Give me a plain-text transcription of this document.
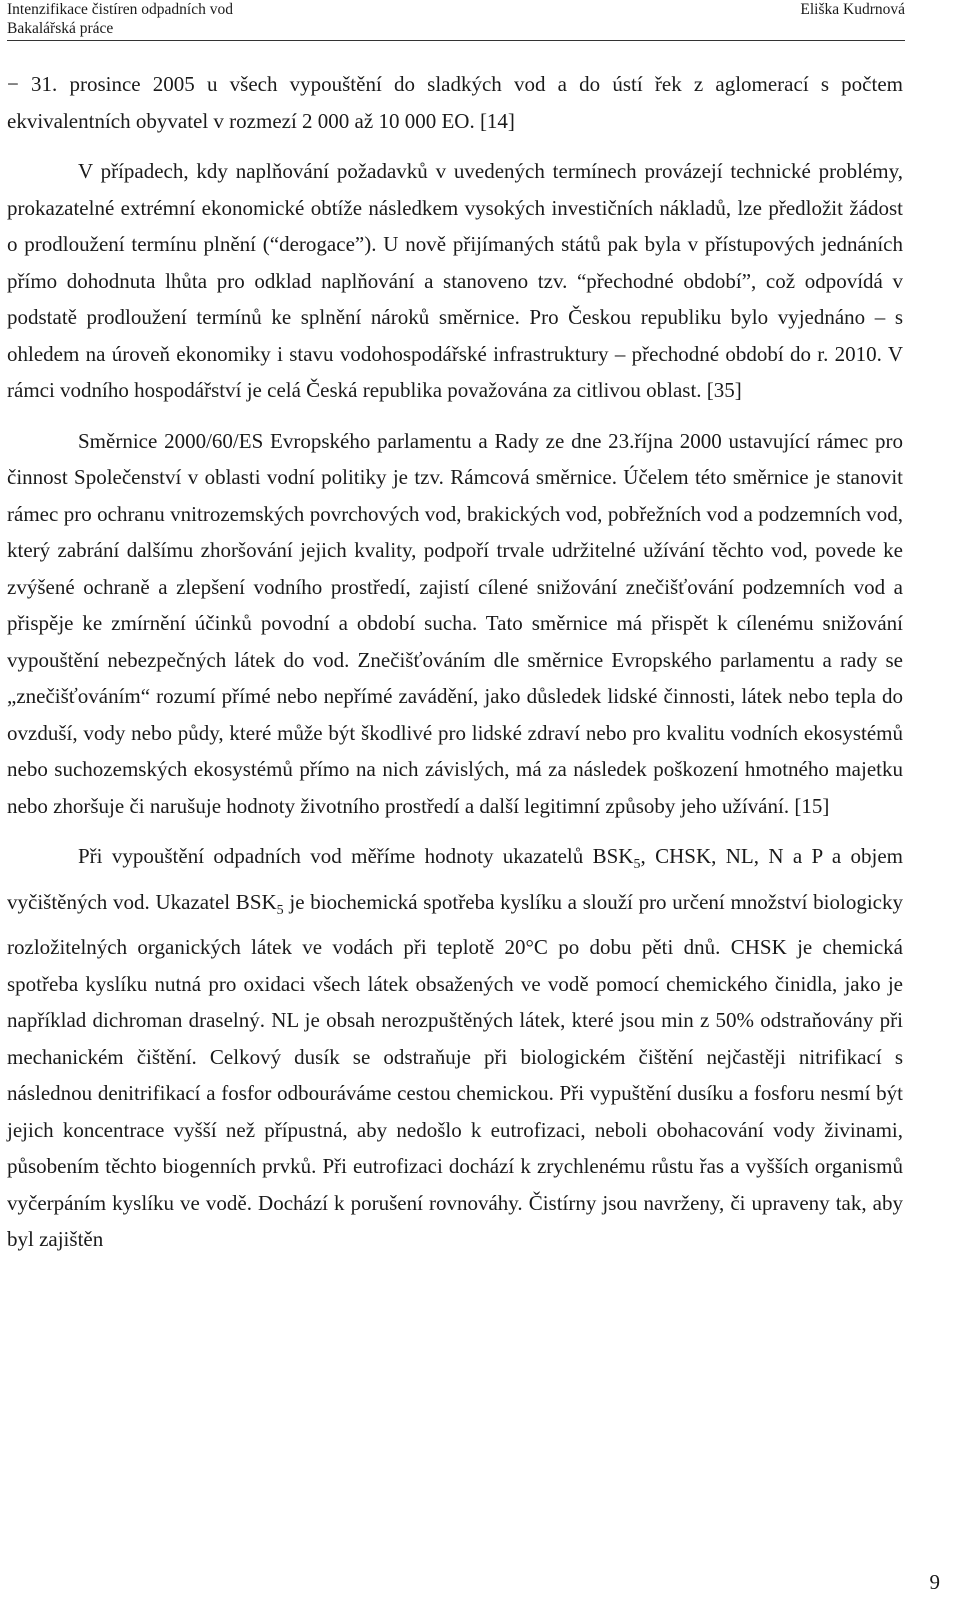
Intenzifikace čistíren odpadních vod
Bakalářská práce
Eliška Kudrnová

− 31. prosince 2005 u všech vypouštění do sladkých vod a do ústí řek z aglomerací s počtem ekvivalentních obyvatel v rozmezí 2 000 až 10 000 EO. [14]

V případech, kdy naplňování požadavků v uvedených termínech provázejí technické problémy, prokazatelné extrémní ekonomické obtíže následkem vysokých investičních nákladů, lze předložit žádost o prodloužení termínu plnění (“derogace”). U nově přijímaných států pak byla v přístupových jednáních přímo dohodnuta lhůta pro odklad naplňování a stanoveno tzv. “přechodné období”, což odpovídá v podstatě prodloužení termínů ke splnění nároků směrnice. Pro Českou republiku bylo vyjednáno – s ohledem na úroveň ekonomiky i stavu vodohospodářské infrastruktury – přechodné období do r. 2010. V rámci vodního hospodářství je celá Česká republika považována za citlivou oblast. [35]

Směrnice 2000/60/ES Evropského parlamentu a Rady ze dne 23.října 2000 ustavující rámec pro činnost Společenství v oblasti vodní politiky je tzv. Rámcová směrnice. Účelem této směrnice je stanovit rámec pro ochranu vnitrozemských povrchových vod, brakických vod, pobřežních vod a podzemních vod, který zabrání dalšímu zhoršování jejich kvality, podpoří trvale udržitelné užívání těchto vod, povede ke zvýšené ochraně a zlepšení vodního prostředí, zajistí cílené snižování znečišťování podzemních vod a přispěje ke zmírnění účinků povodní a období sucha. Tato směrnice má přispět k cílenému snižování vypouštění nebezpečných látek do vod. Znečišťováním dle směrnice Evropského parlamentu a rady se „znečišťováním“ rozumí přímé nebo nepřímé zavádění, jako důsledek lidské činnosti, látek nebo tepla do ovzduší, vody nebo půdy, které může být škodlivé pro lidské zdraví nebo pro kvalitu vodních ekosystémů nebo suchozemských ekosystémů přímo na nich závislých, má za následek poškození hmotného majetku nebo zhoršuje či narušuje hodnoty životního prostředí a další legitimní způsoby jeho užívání. [15]

Při vypouštění odpadních vod měříme hodnoty ukazatelů $BSK_5$, CHSK, NL, N a P a objem vyčištěných vod. Ukazatel $BSK_5$ je biochemická spotřeba kyslíku a slouží pro určení množství biologicky rozložitelných organických látek ve vodách při teplotě 20°C po dobu pěti dnů. CHSK je chemická spotřeba kyslíku nutná pro oxidaci všech látek obsažených ve vodě pomocí chemického činidla, jako je například dichroman draselný. NL je obsah nerozpuštěných látek, které jsou min z 50% odstraňovány při mechanickém čištění. Celkový dusík se odstraňuje při biologickém čištění nejčastěji nitrifikací s následnou denitrifikací a fosfor odbouráváme cestou chemickou. Při vypuštění dusíku a fosforu nesmí být jejich koncentrace vyšší než přípustná, aby nedošlo k eutrofizaci, neboli obohacování vody živinami, působením těchto biogenních prvků. Při eutrofizaci dochází k zrychlenému růstu řas a vyšších organismů vyčerpáním kyslíku ve vodě. Dochází k porušení rovnováhy. Čistírny jsou navrženy, či upraveny tak, aby byl zajištěn

9
